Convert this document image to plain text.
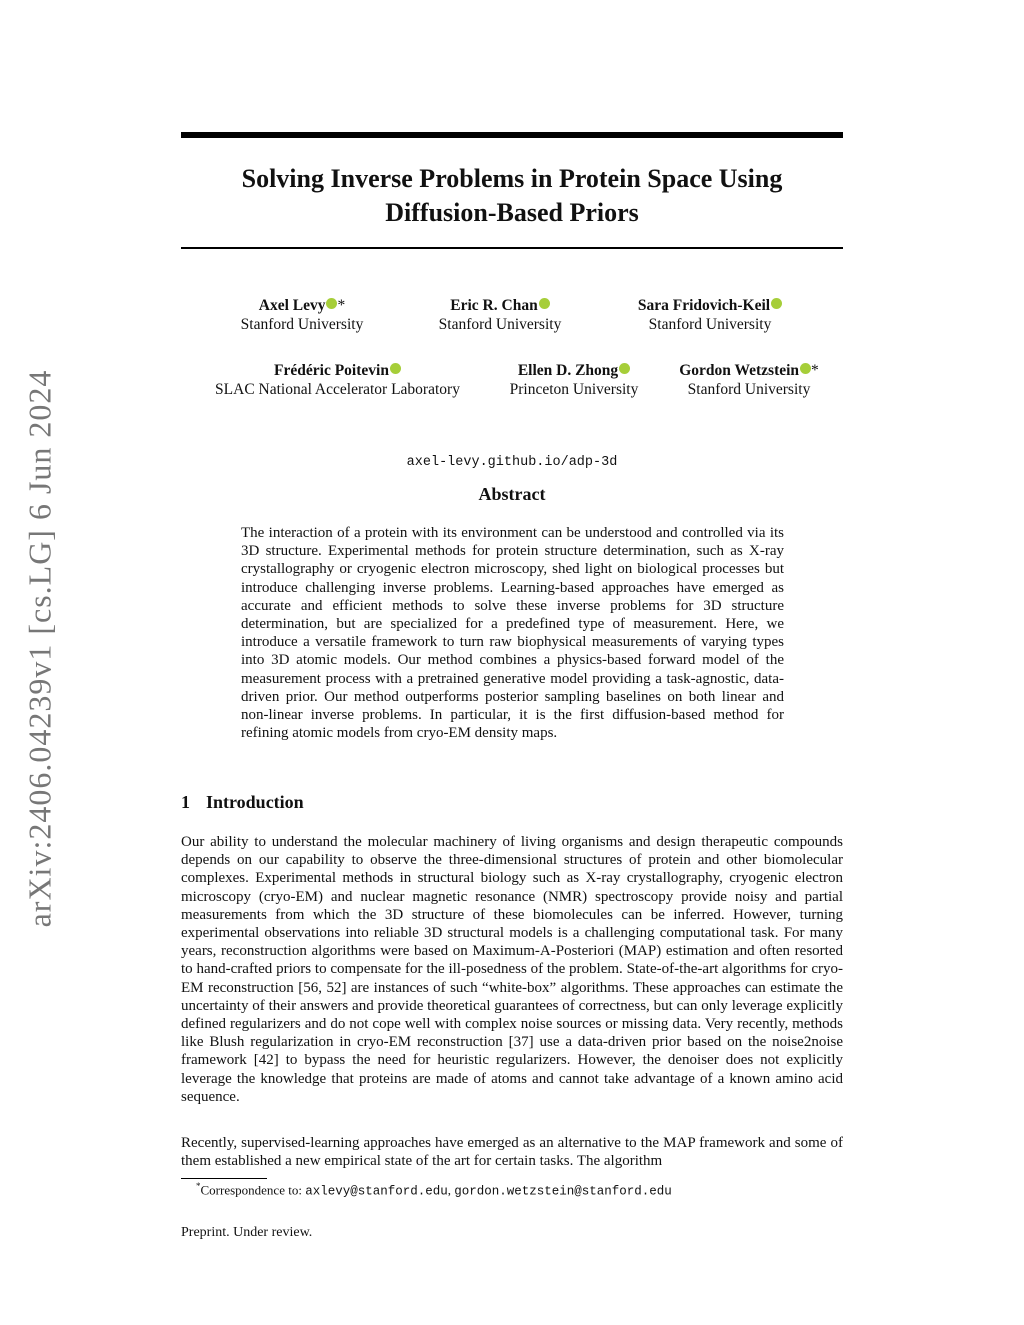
arXiv:2406.04239v1 [cs.LG] 6 Jun 2024
Solving Inverse Problems in Protein Space Using
Diffusion-Based Priors
Axel Levy *
Stanford University
Eric R. Chan
Stanford University
Sara Fridovich-Keil
Stanford University
Frédéric Poitevin
SLAC National Accelerator Laboratory
Ellen D. Zhong
Princeton University
Gordon Wetzstein *
Stanford University
axel-levy.github.io/adp-3d
Abstract
The interaction of a protein with its environment can be understood and controlled via its 3D structure. Experimental methods for protein structure determination, such as X-ray crystallography or cryogenic electron microscopy, shed light on biological processes but introduce challenging inverse problems. Learning-based approaches have emerged as accurate and efficient methods to solve these inverse problems for 3D structure determination, but are specialized for a predefined type of measurement. Here, we introduce a versatile framework to turn raw biophysical measurements of varying types into 3D atomic models. Our method combines a physics-based forward model of the measurement process with a pretrained generative model providing a task-agnostic, data-driven prior. Our method outperforms posterior sampling baselines on both linear and non-linear inverse problems. In particular, it is the first diffusion-based method for refining atomic models from cryo-EM density maps.
1 Introduction
Our ability to understand the molecular machinery of living organisms and design therapeutic compounds depends on our capability to observe the three-dimensional structures of protein and other biomolecular complexes. Experimental methods in structural biology such as X-ray crystallography, cryogenic electron microscopy (cryo-EM) and nuclear magnetic resonance (NMR) spectroscopy provide noisy and partial measurements from which the 3D structure of these biomolecules can be inferred. However, turning experimental observations into reliable 3D structural models is a challenging computational task. For many years, reconstruction algorithms were based on Maximum-A-Posteriori (MAP) estimation and often resorted to hand-crafted priors to compensate for the ill-posedness of the problem. State-of-the-art algorithms for cryo-EM reconstruction [56, 52] are instances of such “white-box” algorithms. These approaches can estimate the uncertainty of their answers and provide theoretical guarantees of correctness, but can only leverage explicitly defined regularizers and do not cope well with complex noise sources or missing data. Very recently, methods like Blush regularization in cryo-EM reconstruction [37] use a data-driven prior based on the noise2noise framework [42] to bypass the need for heuristic regularizers. However, the denoiser does not explicitly leverage the knowledge that proteins are made of atoms and cannot take advantage of a known amino acid sequence.
Recently, supervised-learning approaches have emerged as an alternative to the MAP framework and some of them established a new empirical state of the art for certain tasks. The algorithm
*Correspondence to: axlevy@stanford.edu, gordon.wetzstein@stanford.edu
Preprint. Under review.
